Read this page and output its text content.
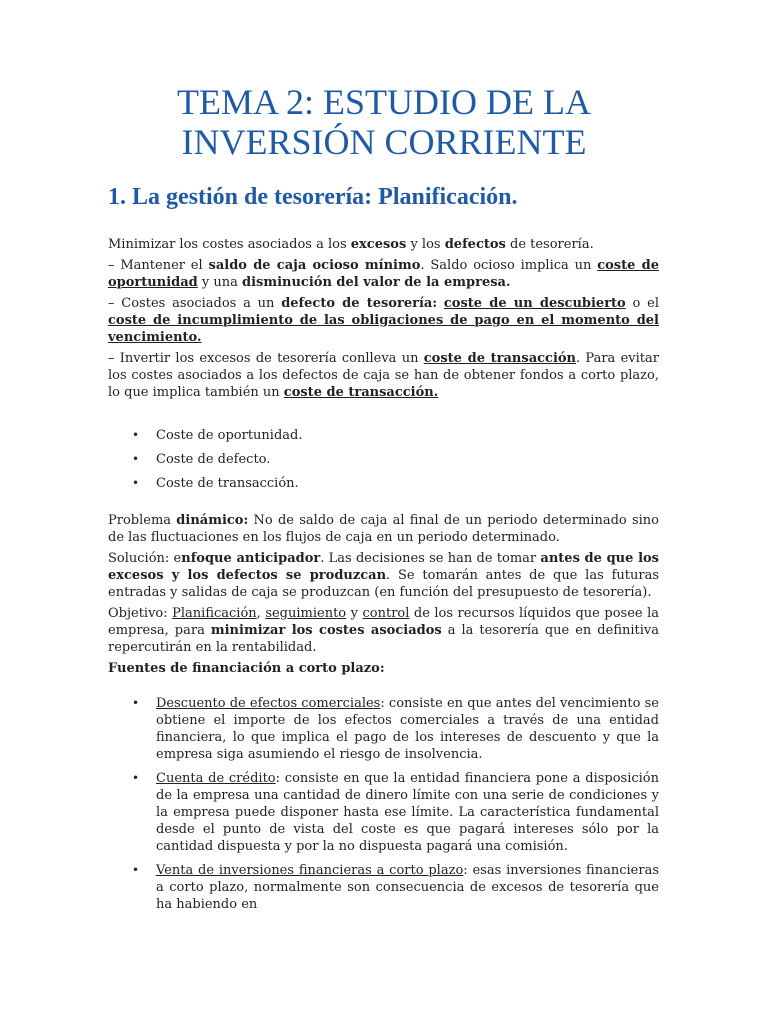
TEMA 2: ESTUDIO DE LA
INVERSIÓN CORRIENTE
1. La gestión de tesorería: Planificación.

Minimizar los costes asociados a los excesos y los defectos de tesorería.

– Mantener el saldo de caja ocioso mínimo. Saldo ocioso implica un coste de oportunidad y una disminución del valor de la empresa.

– Costes asociados a un defecto de tesorería: coste de un descubierto o el coste de incumplimiento de las obligaciones de pago en el momento del vencimiento.

– Invertir los excesos de tesorería conlleva un coste de transacción. Para evitar los costes asociados a los defectos de caja se han de obtener fondos a corto plazo, lo que implica también un coste de transacción.

• Coste de oportunidad.
• Coste de defecto.
• Coste de transacción.

Problema dinámico: No de saldo de caja al final de un periodo determinado sino de las fluctuaciones en los flujos de caja en un periodo determinado.

Solución: enfoque anticipador. Las decisiones se han de tomar antes de que los excesos y los defectos se produzcan. Se tomarán antes de que las futuras entradas y salidas de caja se produzcan (en función del presupuesto de tesorería).

Objetivo: Planificación, seguimiento y control de los recursos líquidos que posee la empresa, para minimizar los costes asociados a la tesorería que en definitiva repercutirán en la rentabilidad.

Fuentes de financiación a corto plazo:

• Descuento de efectos comerciales: consiste en que antes del vencimiento se obtiene el importe de los efectos comerciales a través de una entidad financiera, lo que implica el pago de los intereses de descuento y que la empresa siga asumiendo el riesgo de insolvencia.
• Cuenta de crédito: consiste en que la entidad financiera pone a disposición de la empresa una cantidad de dinero límite con una serie de condiciones y la empresa puede disponer hasta ese límite. La característica fundamental desde el punto de vista del coste es que pagará intereses sólo por la cantidad dispuesta y por la no dispuesta pagará una comisión.
• Venta de inversiones financieras a corto plazo: esas inversiones financieras a corto plazo, normalmente son consecuencia de excesos de tesorería que ha habiendo en
